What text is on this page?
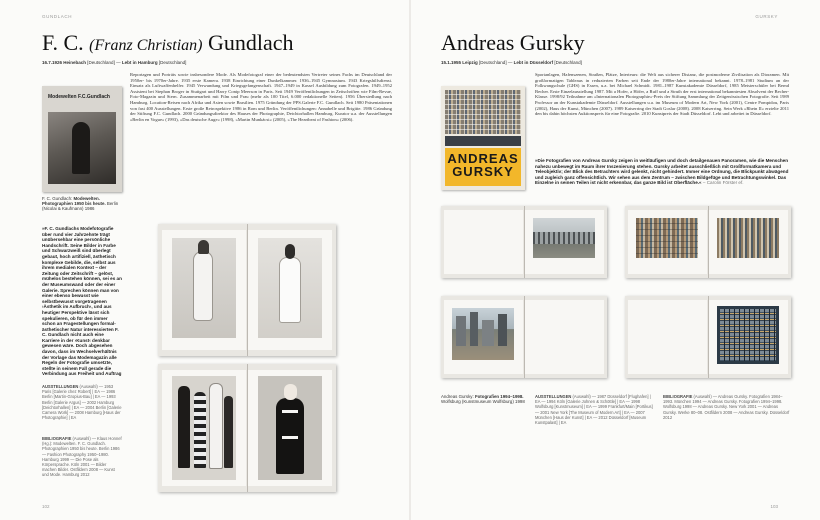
GUNDLACH
F. C. (Franz Christian) Gundlach
16.7.1926 Heinebach [Deutschland] — Lebt in Hamburg [Deutschland]
Modewelten F.C.Gundlach
F. C. Gundlach: Modewelten. Photographien 1950 bis heute. Berlin (Nicolai & Kaufmann) 1986
Reportagen und Porträts sowie insbesondere Mode. Als Modefotograf einer der bedeutendsten Vertreter seines Fachs im Deutschland der 1950er- bis 1970er-Jahre. 1935 erste Kamera. 1938 Einrichtung einer Dunkelkammer. 1936–1945 Gymnasium. 1943 Kriegshilfsdienst. Einsatz als Luftwaffenhelfer. 1945 Verwundung und Kriegsgefangenschaft. 1947–1949 in Kassel Ausbildung zum Fotografen. 1949–1952 Assistent bei Stephan Broger in Stuttgart und Harry Conip Meerson in Paris. Seit 1949 Veröffentlichungen in Zeitschriften wie Film-Revue, Foto-Magazin und Stern. Zusammenarbeit mit Film und Frau (mehr als 100 Titel, 6.000 redaktionelle Seiten). 1956 Übersiedlung nach Hamburg. Location-Reisen nach Afrika und Asien sowie Brasilien. 1975 Gründung der PPS.Galerie F.C. Gundlach. Seit 1980 Präsentationen von fast 400 Ausstellungen. Erste große Retrospektive 1986 in Rom und Berlin. Veröffentlichungen: Annabelle und Brigitte. 1986 Gründung der Stiftung F.C. Gundlach. 2000 Gründungsdirektor des Hauses der Photographie, Deichtorhallen Hamburg. Kurator u.a. der Ausstellungen »Berlin en Vogue« (1993), »Das deutsche Auge« (1998), »Martin Munkácsi« (2005), »The Heartbeat of Fashion« (2006).
»F. C. Gundlachs Modefotografie über rund vier Jahrzehnte trägt unübersehbar eine persönliche Handschrift. Seine Bilder in Farbe und Schwarzweiß sind überlegt gebaut, hoch artifiziell, ästhetisch komplexe Gebilde, die, selbst aus ihrem medialen Kontext – der Zeitung oder Zeitschrift – gelöst, mühelos bestehen können, sei es an der Museumswand oder der einer Galerie. Sprechen können man von einer ebenso bewusst wie selbstbewusst vorgetragenen ›Ästhetik im Aufbruch‹, und aus heutiger Perspektive lässt sich spekulieren, ob für den immer schon an Fragestellungen formal-ästhetischer Natur interessierten F. C. Gundlach nicht auch eine Karriere in der ›Kunst‹ denkbar gewesen wäre. Doch abgesehen davon, dass im Wechselverhältnis der Vorlage das Modemagazin alle Regeln der Fotografie umsetzte, stellte in seinem Fall gerade die Verbindung aus Freiheit und Auftrag
AUSSTELLUNGEN (Auswahl) — 1953 Paris [Galerie chez Robert] | EA — 1986 Berlin [Martin-Gropius-Bau] | EA — 1993 Berlin [Galerie Argus] — 2002 Hamburg [Deichtorhallen] | EA — 2004 Berlin [Galerie Camera Work] — 2008 Hamburg [Haus der Photographie] | EA
BIBLIOGRAFIE (Auswahl) — Klaus Honnef (Hg.): Modewelten. F. C. Gundlach. Photographien 1950 bis heute. Berlin 1986 — Fashion Photography 1950–1980. Hamburg 1999 — Die Pose als Körpersprache. Köln 2001 — Bilder machen Bilder. Ostfildern 2008 — Kunst und Mode. Hamburg 2012
102
GURSKY
Andreas Gursky
15.1.1955 Leipzig [Deutschland] — Lebt in Düsseldorf [Deutschland]
Sportanlagen, Hafenszenen, Straßen, Plätze, Interieurs: die Welt aus sicherer Distanz, die postmoderne Zivilisation als Dioramen. Mit großformatigen Tableaus in reduzierten Farben seit Ende der 1980er-Jahre international bekannt. 1978–1981 Studium an der Folkwangschule (GHS) in Essen, u.a. bei Michael Schmidt. 1981–1987 Kunstakademie Düsseldorf, 1985 Meisterschüler bei Bernd Becher. Erste Einzelausstellung 1987. Mit a Hofer, a Höfer, a Ruff und a Struth der erst international bekanntesten Absolvent der Becher-Klasse. 1998/92 Teilnahme am »Internationalen Photographie«-Preis der Stiftung Sammlung der Zeitgenössischen Fotografie. Seit 1989 Professor an der Kunstakademie Düsseldorf. Ausstellungen u.a. im Museum of Modern Art, New York (2001), Centre Pompidou, Paris (2002), Haus der Kunst, München (2007). 1989 Kaiserring der Stadt Goslar (2008). 2008 Kaiserring. Sein Werk »Rhein II« erzielte 2011 den bis dahin höchsten Auktionspreis für eine Fotografie. 2010 Kunstpreis der Stadt Düsseldorf. Lebt und arbeitet in Düsseldorf.
»Die Fotografien von Andreas Gursky zeigen in weitläufigen und doch detailgenauen Panoramen, wie die Menschen nahezu unbewegt im Raum ihrer Inszenierung stehen. Gursky arbeitet ausschließlich mit Großformatkamera und Teleobjektiv; der Blick des Betrachters wird gelenkt, nicht gehindert. Immer eine Ordnung, die Blickpunkt abwägend und zugleich ganz offensichtlich. Wir sehen aus dem Zentrum – zwischen Bildgefüge und Betrachtungswinkel. Das Einzelne in seinen Teilen ist nicht erkennbar, das ganze Bild ist Oberfläche.« – Carolin Förster ef.
ANDREAS GURSKY
Andreas Gursky: Fotografien 1994–1998. Wolfsburg (Kunstmuseum Wolfsburg) 1998
AUSSTELLUNGEN (Auswahl) — 1987 Düsseldorf [Flughafen] | EA — 1994 Köln [Galerie Johnen & Schöttle] | EA — 1998 Wolfsburg [Kunstmuseum] | EA — 1999 Frankfurt/Main [Portikus] — 2001 New York [The Museum of Modern Art] | EA — 2007 München [Haus der Kunst] | EA — 2012 Düsseldorf [Museum Kunstpalast] | EA
BIBLIOGRAFIE (Auswahl) — Andreas Gursky. Fotografien 1984–1993. München 1994 — Andreas Gursky. Fotografien 1994–1998. Wolfsburg 1998 — Andreas Gursky. New York 2001 — Andreas Gursky. Werke 80–08. Ostfildern 2008 — Andreas Gursky. Düsseldorf 2012
103
